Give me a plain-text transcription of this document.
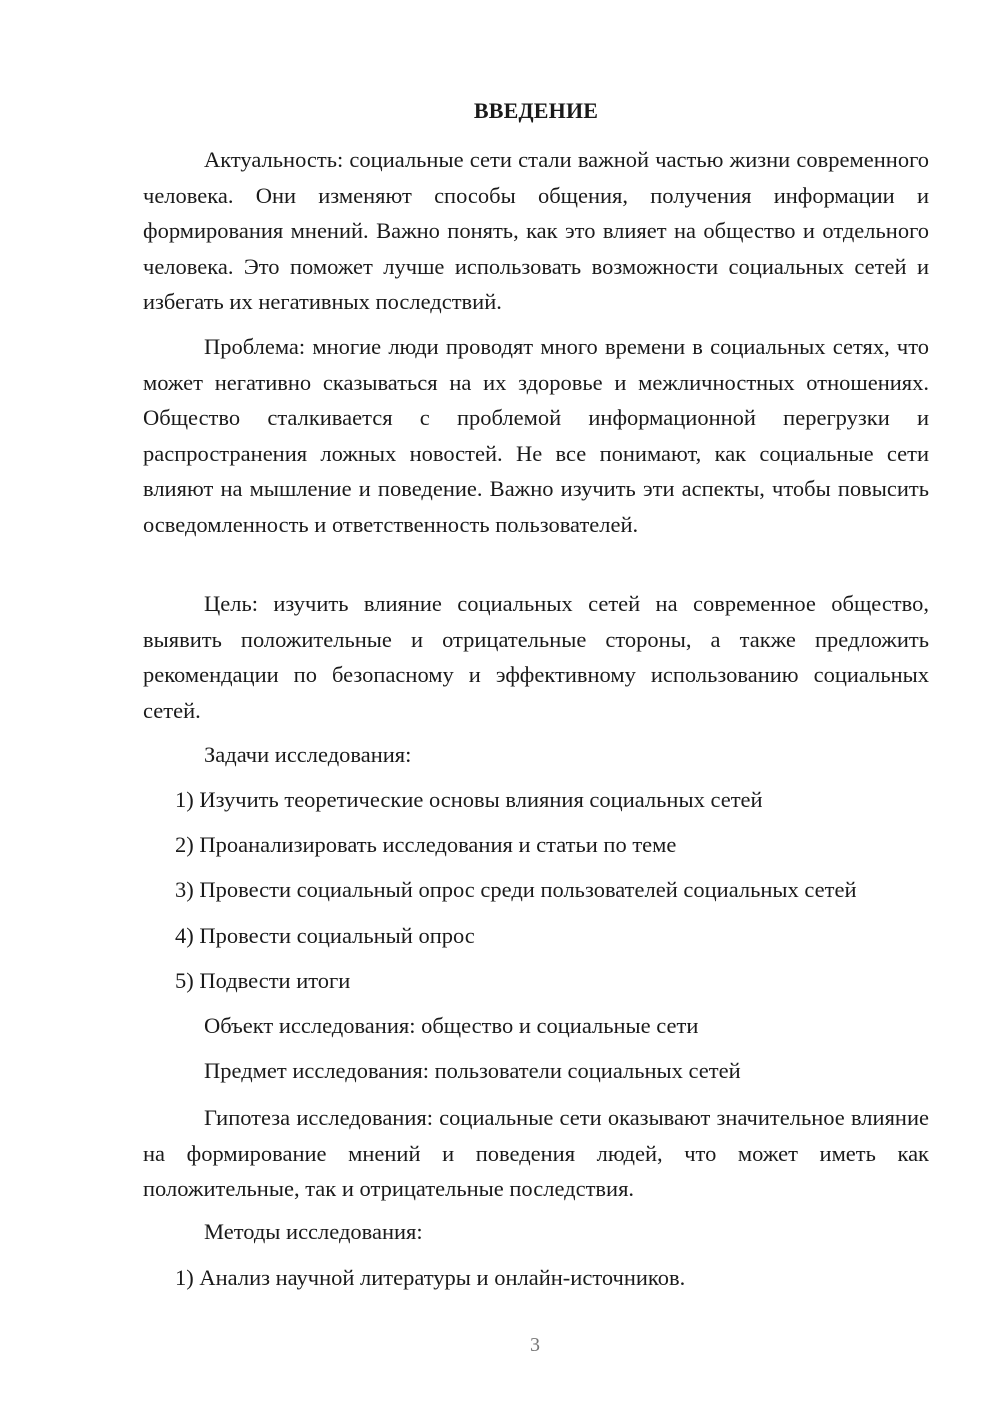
ВВЕДЕНИЕ

Актуальность: социальные сети стали важной частью жизни современного человека. Они изменяют способы общения, получения информации и формирования мнений. Важно понять, как это влияет на общество и отдельного человека. Это поможет лучше использовать возможности социальных сетей и избегать их негативных последствий.

Проблема: многие люди проводят много времени в социальных сетях, что может негативно сказываться на их здоровье и межличностных отношениях. Общество сталкивается с проблемой информационной перегрузки и распространения ложных новостей. Не все понимают, как социальные сети влияют на мышление и поведение. Важно изучить эти аспекты, чтобы повысить осведомленность и ответственность пользователей.

Цель: изучить влияние социальных сетей на современное общество, выявить положительные и отрицательные стороны, а также предложить рекомендации по безопасному и эффективному использованию социальных сетей.

Задачи исследования:

1) Изучить теоретические основы влияния социальных сетей

2) Проанализировать исследования и статьи по теме

3) Провести социальный опрос среди пользователей социальных сетей

4) Провести социальный опрос

5) Подвести итоги

Объект исследования: общество и социальные сети

Предмет исследования: пользователи социальных сетей

Гипотеза исследования: социальные сети оказывают значительное влияние на формирование мнений и поведения людей, что может иметь как положительные, так и отрицательные последствия.

Методы исследования:

1) Анализ научной литературы и онлайн-источников.

3
